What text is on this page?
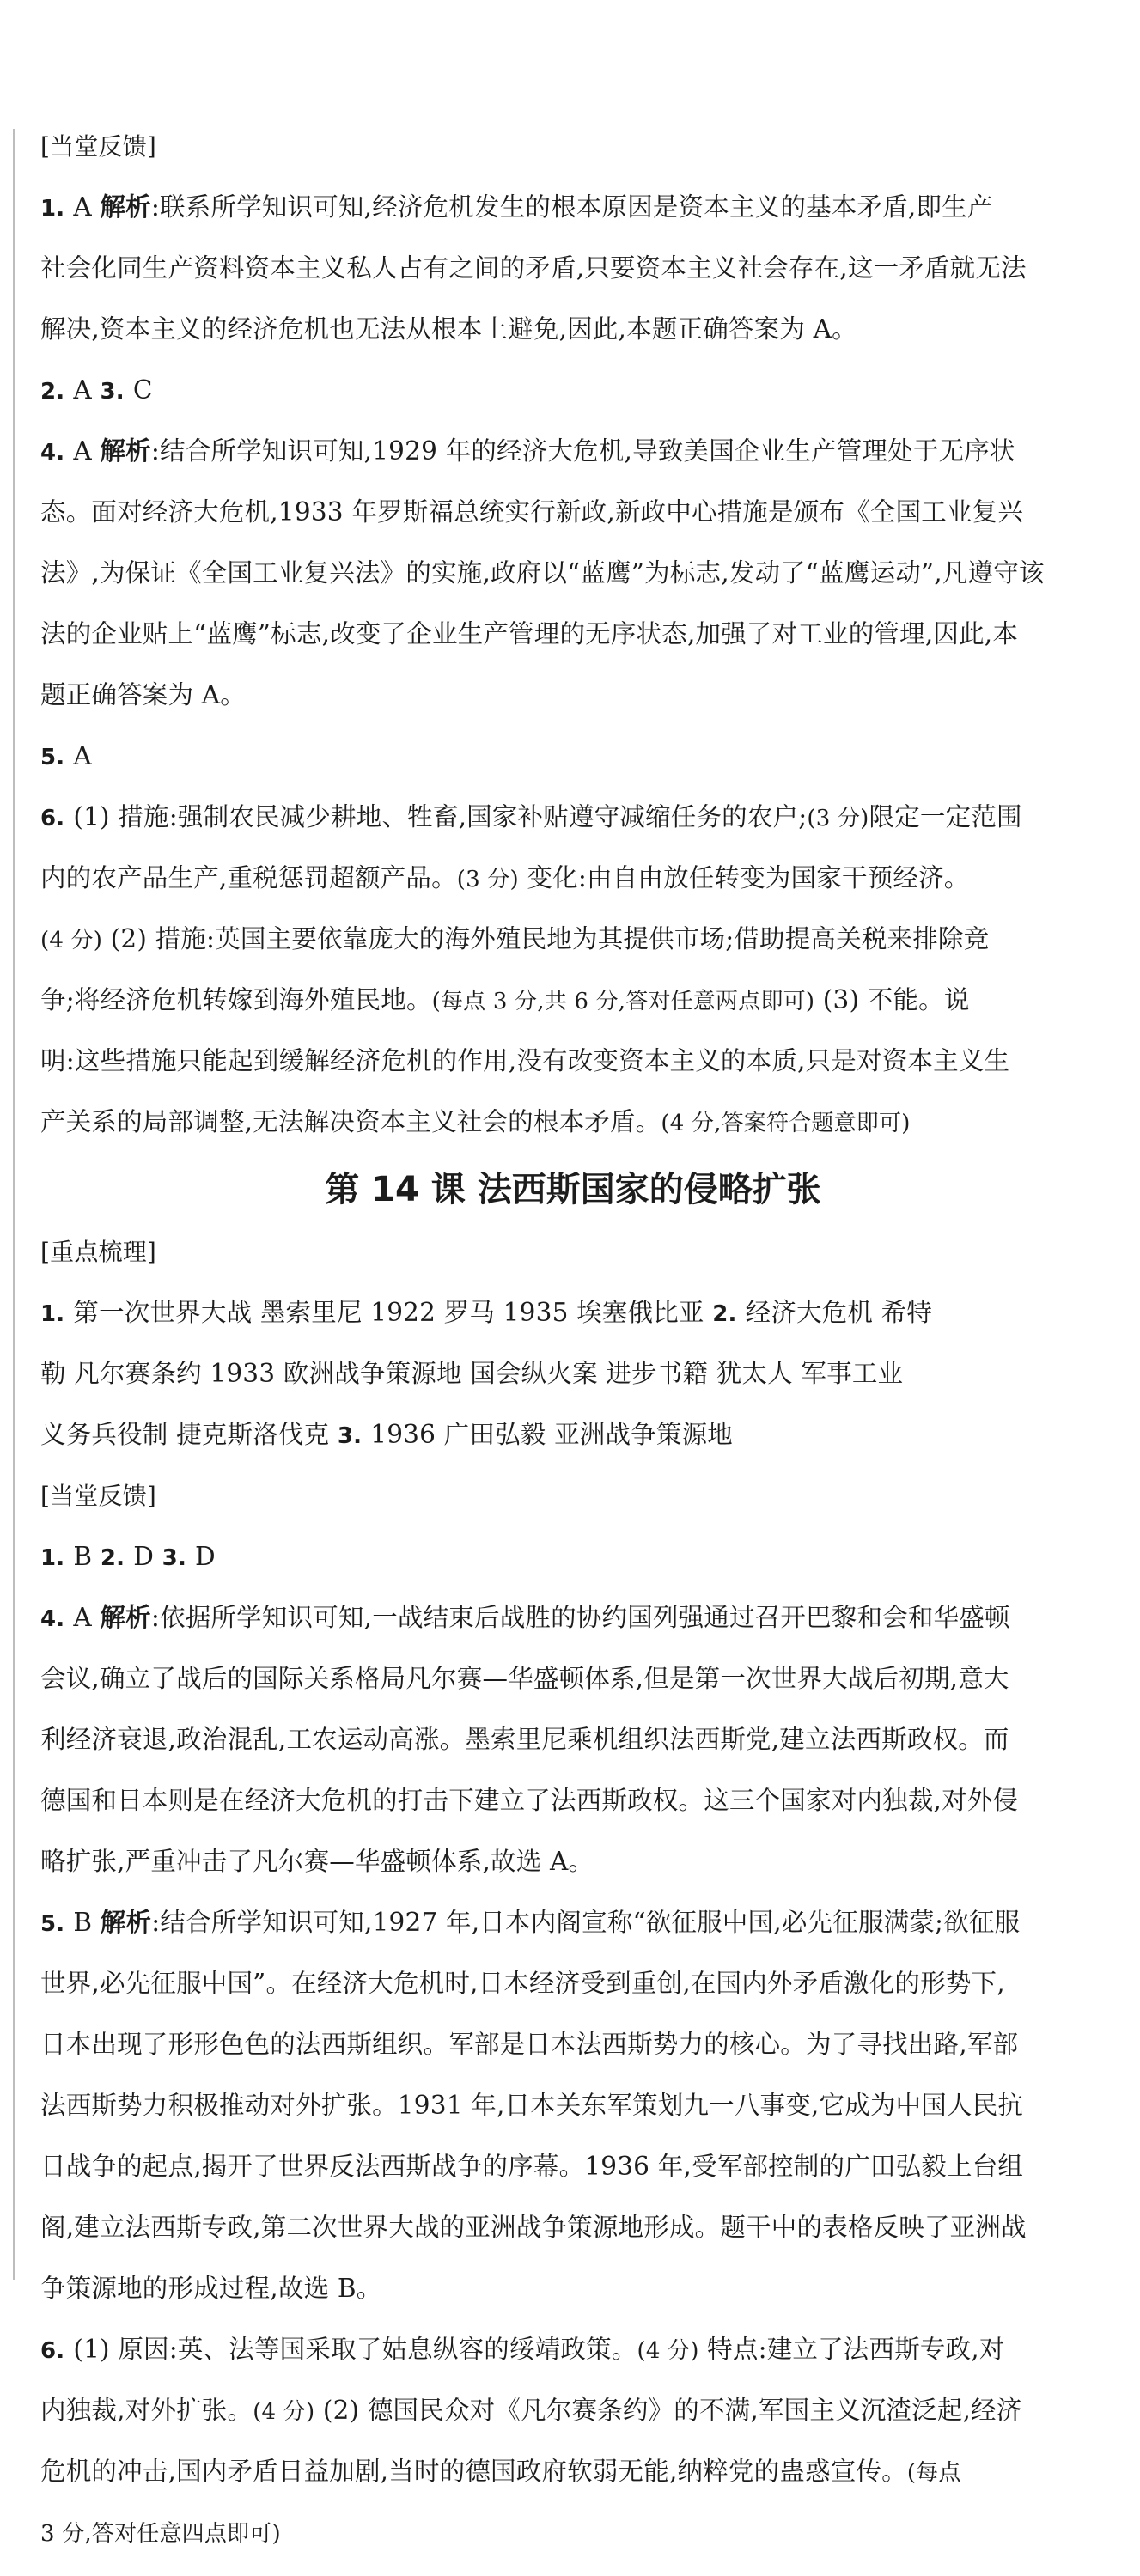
[当堂反馈]
1. A 解析:联系所学知识可知,经济危机发生的根本原因是资本主义的基本矛盾,即生产
社会化同生产资料资本主义私人占有之间的矛盾,只要资本主义社会存在,这一矛盾就无法
解决,资本主义的经济危机也无法从根本上避免,因此,本题正确答案为 A。
2. A 3. C
4. A 解析:结合所学知识可知,1929 年的经济大危机,导致美国企业生产管理处于无序状
态。面对经济大危机,1933 年罗斯福总统实行新政,新政中心措施是颁布《全国工业复兴
法》,为保证《全国工业复兴法》的实施,政府以“蓝鹰”为标志,发动了“蓝鹰运动”,凡遵守该
法的企业贴上“蓝鹰”标志,改变了企业生产管理的无序状态,加强了对工业的管理,因此,本
题正确答案为 A。
5. A
6. (1) 措施:强制农民减少耕地、牲畜,国家补贴遵守减缩任务的农户;(3 分)限定一定范围
内的农产品生产,重税惩罚超额产品。(3 分) 变化:由自由放任转变为国家干预经济。
(4 分) (2) 措施:英国主要依靠庞大的海外殖民地为其提供市场;借助提高关税来排除竞
争;将经济危机转嫁到海外殖民地。(每点 3 分,共 6 分,答对任意两点即可) (3) 不能。说
明:这些措施只能起到缓解经济危机的作用,没有改变资本主义的本质,只是对资本主义生
产关系的局部调整,无法解决资本主义社会的根本矛盾。(4 分,答案符合题意即可)
第 14 课 法西斯国家的侵略扩张
[重点梳理]
1. 第一次世界大战 墨索里尼 1922 罗马 1935 埃塞俄比亚 2. 经济大危机 希特
勒 凡尔赛条约 1933 欧洲战争策源地 国会纵火案 进步书籍 犹太人 军事工业
义务兵役制 捷克斯洛伐克 3. 1936 广田弘毅 亚洲战争策源地
[当堂反馈]
1. B 2. D 3. D
4. A 解析:依据所学知识可知,一战结束后战胜的协约国列强通过召开巴黎和会和华盛顿
会议,确立了战后的国际关系格局凡尔赛—华盛顿体系,但是第一次世界大战后初期,意大
利经济衰退,政治混乱,工农运动高涨。墨索里尼乘机组织法西斯党,建立法西斯政权。而
德国和日本则是在经济大危机的打击下建立了法西斯政权。这三个国家对内独裁,对外侵
略扩张,严重冲击了凡尔赛—华盛顿体系,故选 A。
5. B 解析:结合所学知识可知,1927 年,日本内阁宣称“欲征服中国,必先征服满蒙;欲征服
世界,必先征服中国”。在经济大危机时,日本经济受到重创,在国内外矛盾激化的形势下,
日本出现了形形色色的法西斯组织。军部是日本法西斯势力的核心。为了寻找出路,军部
法西斯势力积极推动对外扩张。1931 年,日本关东军策划九一八事变,它成为中国人民抗
日战争的起点,揭开了世界反法西斯战争的序幕。1936 年,受军部控制的广田弘毅上台组
阁,建立法西斯专政,第二次世界大战的亚洲战争策源地形成。题干中的表格反映了亚洲战
争策源地的形成过程,故选 B。
6. (1) 原因:英、法等国采取了姑息纵容的绥靖政策。(4 分) 特点:建立了法西斯专政,对
内独裁,对外扩张。(4 分) (2) 德国民众对《凡尔赛条约》的不满,军国主义沉渣泛起,经济
危机的冲击,国内矛盾日益加剧,当时的德国政府软弱无能,纳粹党的蛊惑宣传。(每点
3 分,答对任意四点即可)
